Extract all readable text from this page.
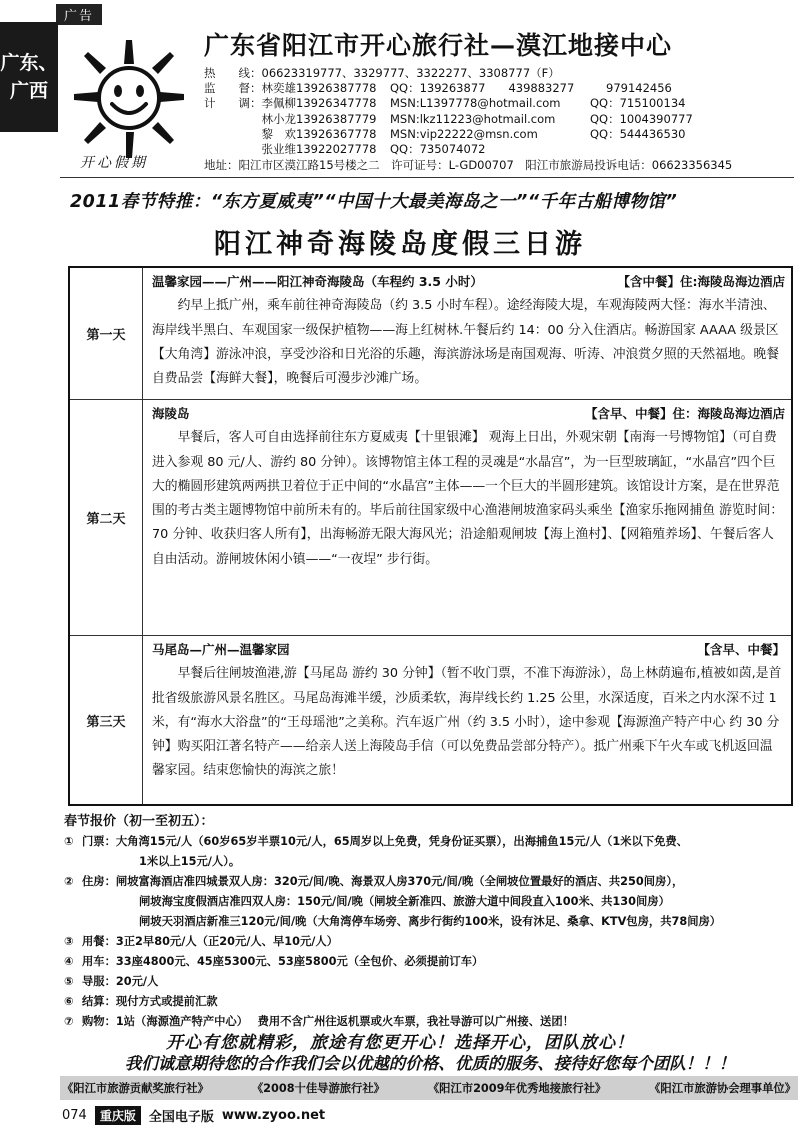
广告
广东、
广西
开心假期
广东省阳江市开心旅行社—漠江地接中心
热　　线：06623319777、3329777、3322277、3308777（F）
监　　督：林奕雄13926387778 QQ：139263877　　439883277	979142456
计　　调：李佩柳13926347778 MSN:L1397778@hotmail.com	QQ：715100134
　　　　　林小龙13926387779 MSN:lkz11223@hotmail.com	QQ：1004390777
　　　　　黎　欢13926367778 MSN:vip22222@msn.com	QQ：544436530
　　　　　张业维13922027778 QQ：735074072
地址：阳江市区漠江路15号楼之二　许可证号：L-GD00707　阳江市旅游局投诉电话：06623356345
2011春节特推：“东方夏威夷”“中国十大最美海岛之一”“千年古船博物馆”
阳江神奇海陵岛度假三日游
第一天
温馨家园——广州——阳江神奇海陵岛（车程约 3.5 小时）	【含中餐】住:海陵岛海边酒店
约早上抵广州，乘车前往神奇海陵岛（约 3.5 小时车程）。途经海陵大堤，车观海陵两大怪：海水半清浊、海岸线半黑白、车观国家一级保护植物——海上红树林.午餐后约 14：00 分入住酒店。畅游国家 AAAA 级景区【大角湾】游泳冲浪，享受沙浴和日光浴的乐趣，海滨游泳场是南国观海、听涛、冲浪赏夕照的天然福地。晚餐自费品尝【海鲜大餐】，晚餐后可漫步沙滩广场。
第二天
海陵岛	【含早、中餐】住：海陵岛海边酒店
早餐后，客人可自由选择前往东方夏威夷【十里银滩】 观海上日出，外观宋朝【南海一号博物馆】（可自费进入参观 80 元/人、游约 80 分钟）。该博物馆主体工程的灵魂是“水晶宫”，为一巨型玻璃缸，“水晶宫”四个巨大的椭圆形建筑两两拱卫着位于正中间的“水晶宫”主体——一个巨大的半圆形建筑。该馆设计方案，是在世界范围的考古类主题博物馆中前所未有的。毕后前往国家级中心渔港闸坡渔家码头乘坐【渔家乐拖网捕鱼 游览时间：70 分钟、收获归客人所有】，出海畅游无限大海风光；沿途船观闸坡【海上渔村】、【网箱殖养场】、午餐后客人自由活动。游闸坡休闲小镇——“一夜埕” 步行街。
第三天
马尾岛—广州—温馨家园	【含早、中餐】
早餐后往闸坡渔港,游【马尾岛 游约 30 分钟】（暂不收门票，不准下海游泳），岛上林荫遍布,植被如茵,是首批省级旅游风景名胜区。马尾岛海滩半缓，沙质柔软，海岸线长约 1.25 公里，水深适度，百米之内水深不过 1 米，有“海水大浴盘”的“王母瑶池”之美称。汽车返广州（约 3.5 小时），途中参观【海源渔产特产中心 约 30 分钟】购买阳江著名特产——给亲人送上海陵岛手信（可以免费品尝部分特产）。抵广州乘下午火车或飞机返回温馨家园。结束您愉快的海滨之旅！
春节报价（初一至初五）：
① 门票：大角湾15元/人（60岁65岁半票10元/人，65周岁以上免费，凭身份证买票），出海捕鱼15元/人（1米以下免费、
1米以上15元/人）。
② 住房：闸坡富海酒店准四城景双人房：320元/间/晚、海景双人房370元/间/晚（全闸坡位置最好的酒店、共250间房），
闸坡海宝度假酒店准四双人房：150元/间/晚（闸坡全新准四、旅游大道中间段直入100米、共130间房）
闸坡天羽酒店新准三120元/间/晚（大角湾停车场旁、离步行街约100米，设有沐足、桑拿、KTV包房，共78间房）
③ 用餐：3正2早80元/人（正20元/人、早10元/人）
④ 用车：33座4800元、45座5300元、53座5800元（全包价、必须提前订车）
⑤ 导服：20元/人
⑥ 结算：现付方式或提前汇款
⑦ 购物：1站（海源渔产特产中心）　 费用不含广州往返机票或火车票，我社导游可以广州接、送团！
开心有您就精彩，旅途有您更开心！选择开心，团队放心！
我们诚意期待您的合作我们会以优越的价格、优质的服务、接待好您每个团队！！！
《阳江市旅游贡献奖旅行社》	《2008十佳导游旅行社》	《阳江市2009年优秀地接旅行社》	《阳江市旅游协会理事单位》
074	重庆版	全国电子版 www.zyoo.net
